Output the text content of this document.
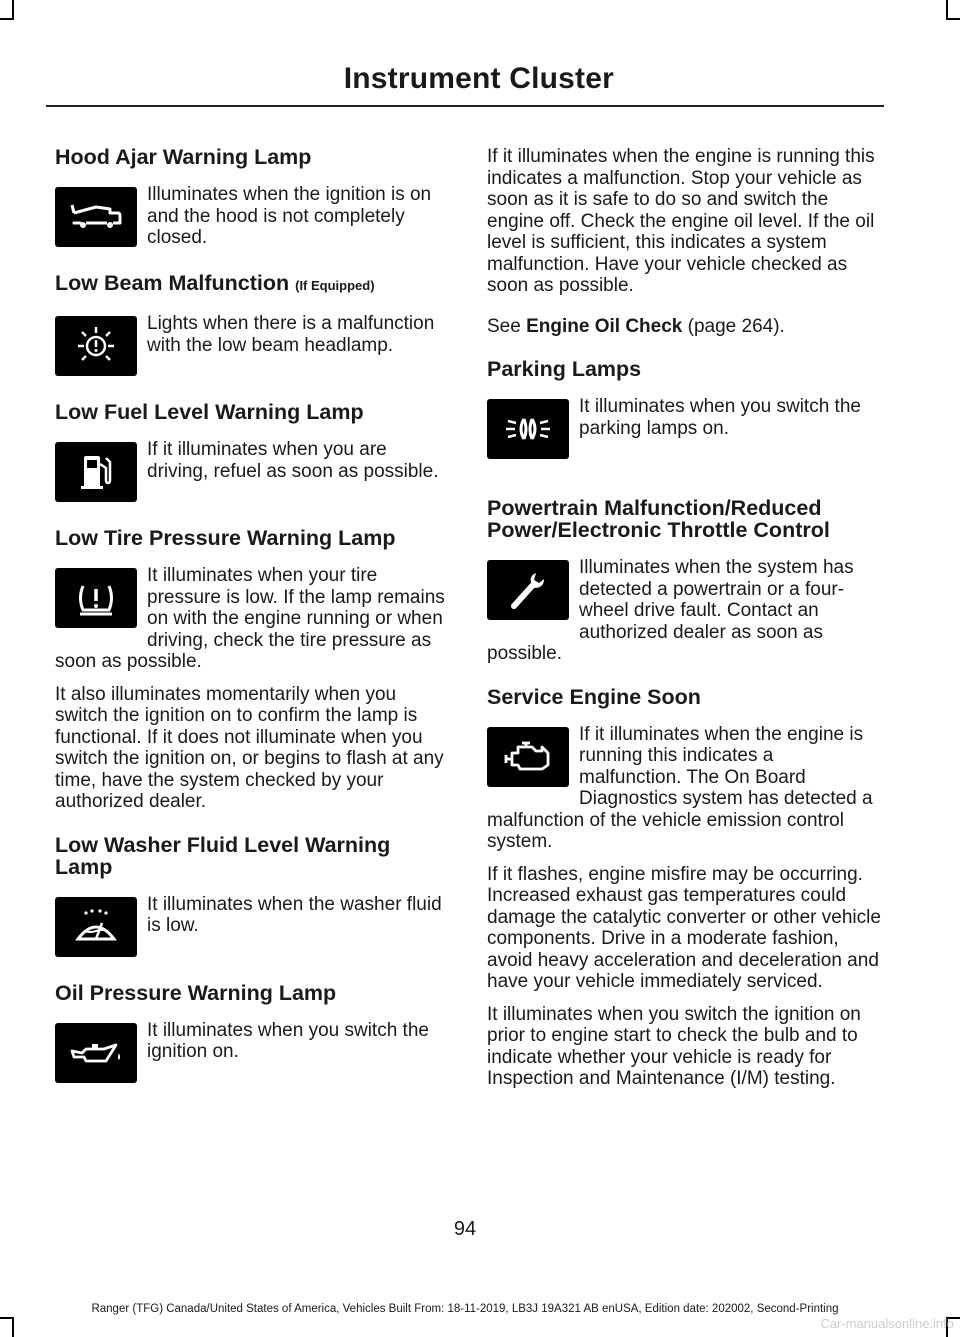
Instrument Cluster
Hood Ajar Warning Lamp

Illuminates when the ignition is on and the hood is not completely closed.

Low Beam Malfunction (If Equipped)

Lights when there is a malfunction with the low beam headlamp.

Low Fuel Level Warning Lamp

If it illuminates when you are driving, refuel as soon as possible.

Low Tire Pressure Warning Lamp

It illuminates when your tire pressure is low. If the lamp remains on with the engine running or when driving, check the tire pressure as soon as possible.

It also illuminates momentarily when you switch the ignition on to confirm the lamp is functional. If it does not illuminate when you switch the ignition on, or begins to flash at any time, have the system checked by your authorized dealer.

Low Washer Fluid Level Warning Lamp

It illuminates when the washer fluid is low.

Oil Pressure Warning Lamp

It illuminates when you switch the ignition on.

If it illuminates when the engine is running this indicates a malfunction. Stop your vehicle as soon as it is safe to do so and switch the engine off. Check the engine oil level. If the oil level is sufficient, this indicates a system malfunction. Have your vehicle checked as soon as possible.

See Engine Oil Check (page 264).

Parking Lamps

It illuminates when you switch the parking lamps on.

Powertrain Malfunction/Reduced Power/Electronic Throttle Control

Illuminates when the system has detected a powertrain or a four-wheel drive fault. Contact an authorized dealer as soon as possible.

Service Engine Soon

If it illuminates when the engine is running this indicates a malfunction. The On Board Diagnostics system has detected a malfunction of the vehicle emission control system.

If it flashes, engine misfire may be occurring. Increased exhaust gas temperatures could damage the catalytic converter or other vehicle components. Drive in a moderate fashion, avoid heavy acceleration and deceleration and have your vehicle immediately serviced.

It illuminates when you switch the ignition on prior to engine start to check the bulb and to indicate whether your vehicle is ready for Inspection and Maintenance (I/M) testing.

94
Ranger (TFG) Canada/United States of America, Vehicles Built From: 18-11-2019, LB3J 19A321 AB enUSA, Edition date: 202002, Second-Printing
Car-manualsonline.info
